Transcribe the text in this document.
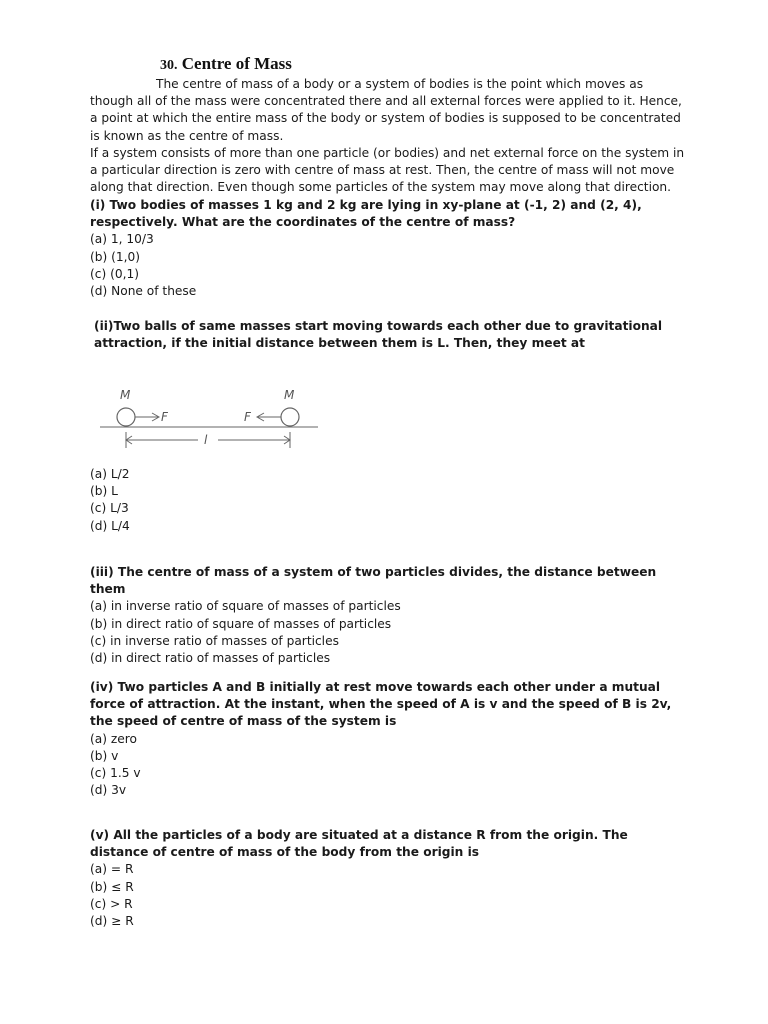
30. Centre of Mass

The centre of mass of a body or a system of bodies is the point which moves as though all of the mass were concentrated there and all external forces were applied to it. Hence, a point at which the entire mass of the body or system of bodies is supposed to be concentrated is known as the centre of mass.

If a system consists of more than one particle (or bodies) and net external force on the system in a particular direction is zero with centre of mass at rest. Then, the centre of mass will not move along that direction. Even though some particles of the system may move along that direction.

(i) Two bodies of masses 1 kg and 2 kg are lying in xy-plane at (-1, 2) and (2, 4), respectively. What are the coordinates of the centre of mass?

(a) 1, 10/3
(b) (1,0)
(c) (0,1)
(d) None of these

(ii)Two balls of same masses start moving towards each other due to gravitational attraction, if the initial distance between them is L. Then, they meet at

M
F
M
F
l
(a) L/2
(b) L
(c) L/3
(d) L/4

(iii) The centre of mass of a system of two particles divides, the distance between them

(a) in inverse ratio of square of masses of particles
(b) in direct ratio of square of masses of particles
(c) in inverse ratio of masses of particles
(d) in direct ratio of masses of particles

(iv) Two particles A and B initially at rest move towards each other under a mutual force of attraction. At the instant, when the speed of A is v and the speed of B is 2v, the speed of centre of mass of the system is

(a) zero
(b) v
(c) 1.5 v
(d) 3v

(v) All the particles of a body are situated at a distance R from the origin. The distance of centre of mass of the body from the origin is

(a) = R
(b) ≤ R
(c) > R
(d) ≥ R
